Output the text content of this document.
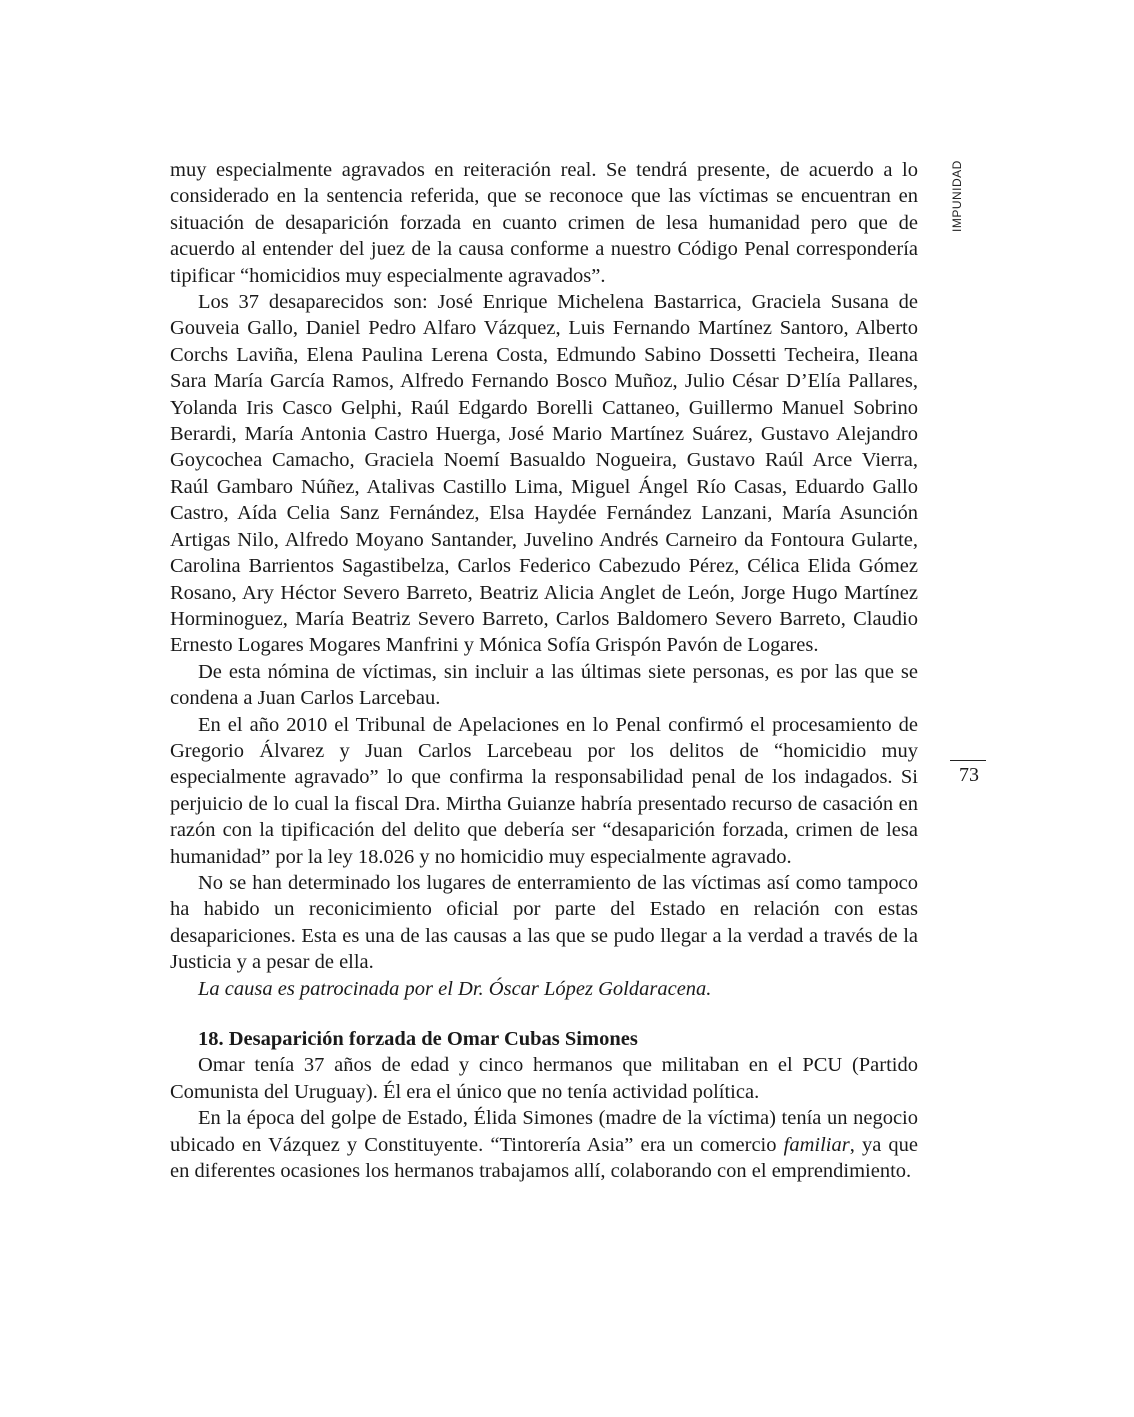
muy especialmente agravados en reiteración real. Se tendrá presente, de acuerdo a lo considerado en la sentencia referida, que se reconoce que las víctimas se encuentran en situación de desaparición forzada en cuanto crimen de lesa humanidad pero que de acuerdo al entender del juez de la causa conforme a nuestro Código Penal correspondería tipificar “homicidios muy especialmente agravados”.

Los 37 desaparecidos son: José Enrique Michelena Bastarrica, Graciela Susana de Gouveia Gallo, Daniel Pedro Alfaro Vázquez, Luis Fernando Martínez Santoro, Alberto Corchs Laviña, Elena Paulina Lerena Costa, Edmundo Sabino Dossetti Techeira, Ileana Sara María García Ramos, Alfredo Fernando Bosco Muñoz, Julio César D’Elía Pallares, Yolanda Iris Casco Gelphi, Raúl Edgardo Borelli Cattaneo, Guillermo Manuel Sobrino Berardi, María Antonia Castro Huerga, José Mario Martínez Suárez, Gustavo Alejandro Goycochea Camacho, Graciela Noemí Basualdo Nogueira, Gustavo Raúl Arce Vierra, Raúl Gambaro Núñez, Atalivas Castillo Lima, Miguel Ángel Río Casas, Eduardo Gallo Castro, Aída Celia Sanz Fernández, Elsa Haydée Fernández Lanzani, María Asunción Artigas Nilo, Alfredo Moyano Santander, Juvelino Andrés Carneiro da Fontoura Gularte, Carolina Barrientos Sagastibelza, Carlos Federico Cabezudo Pérez, Célica Elida Gómez Rosano, Ary Héctor Severo Barreto, Beatriz Alicia Anglet de León, Jorge Hugo Martínez Horminoguez, María Beatriz Severo Barreto, Carlos Baldomero Severo Barreto, Claudio Ernesto Logares Mogares Manfrini y Mónica Sofía Grispón Pavón de Logares.

De esta nómina de víctimas, sin incluir a las últimas siete personas, es por las que se condena a Juan Carlos Larcebau.

En el año 2010 el Tribunal de Apelaciones en lo Penal confirmó el procesamiento de Gregorio Álvarez y Juan Carlos Larcebeau por los delitos de “homicidio muy especialmente agravado” lo que confirma la responsabilidad penal de los indagados. Si perjuicio de lo cual la fiscal Dra. Mirtha Guianze habría presentado recurso de casación en razón con la tipificación del delito que debería ser “desaparición forzada, crimen de lesa humanidad” por la ley 18.026 y no homicidio muy especialmente agravado.

No se han determinado los lugares de enterramiento de las víctimas así como tampoco ha habido un reconicimiento oficial por parte del Estado en relación con estas desapariciones. Esta es una de las causas a las que se pudo llegar a la verdad a través de la Justicia y a pesar de ella.

La causa es patrocinada por el Dr. Óscar López Goldaracena.

18. Desaparición forzada de Omar Cubas Simones

Omar tenía 37 años de edad y cinco hermanos que militaban en el PCU (Partido Comunista del Uruguay). Él era el único que no tenía actividad política.

En la época del golpe de Estado, Élida Simones (madre de la víctima) tenía un negocio ubicado en Vázquez y Constituyente. “Tintorería Asia” era un comercio familiar, ya que en diferentes ocasiones los hermanos trabajamos allí, colaborando con el emprendimiento.

IMPUNIDAD
73
